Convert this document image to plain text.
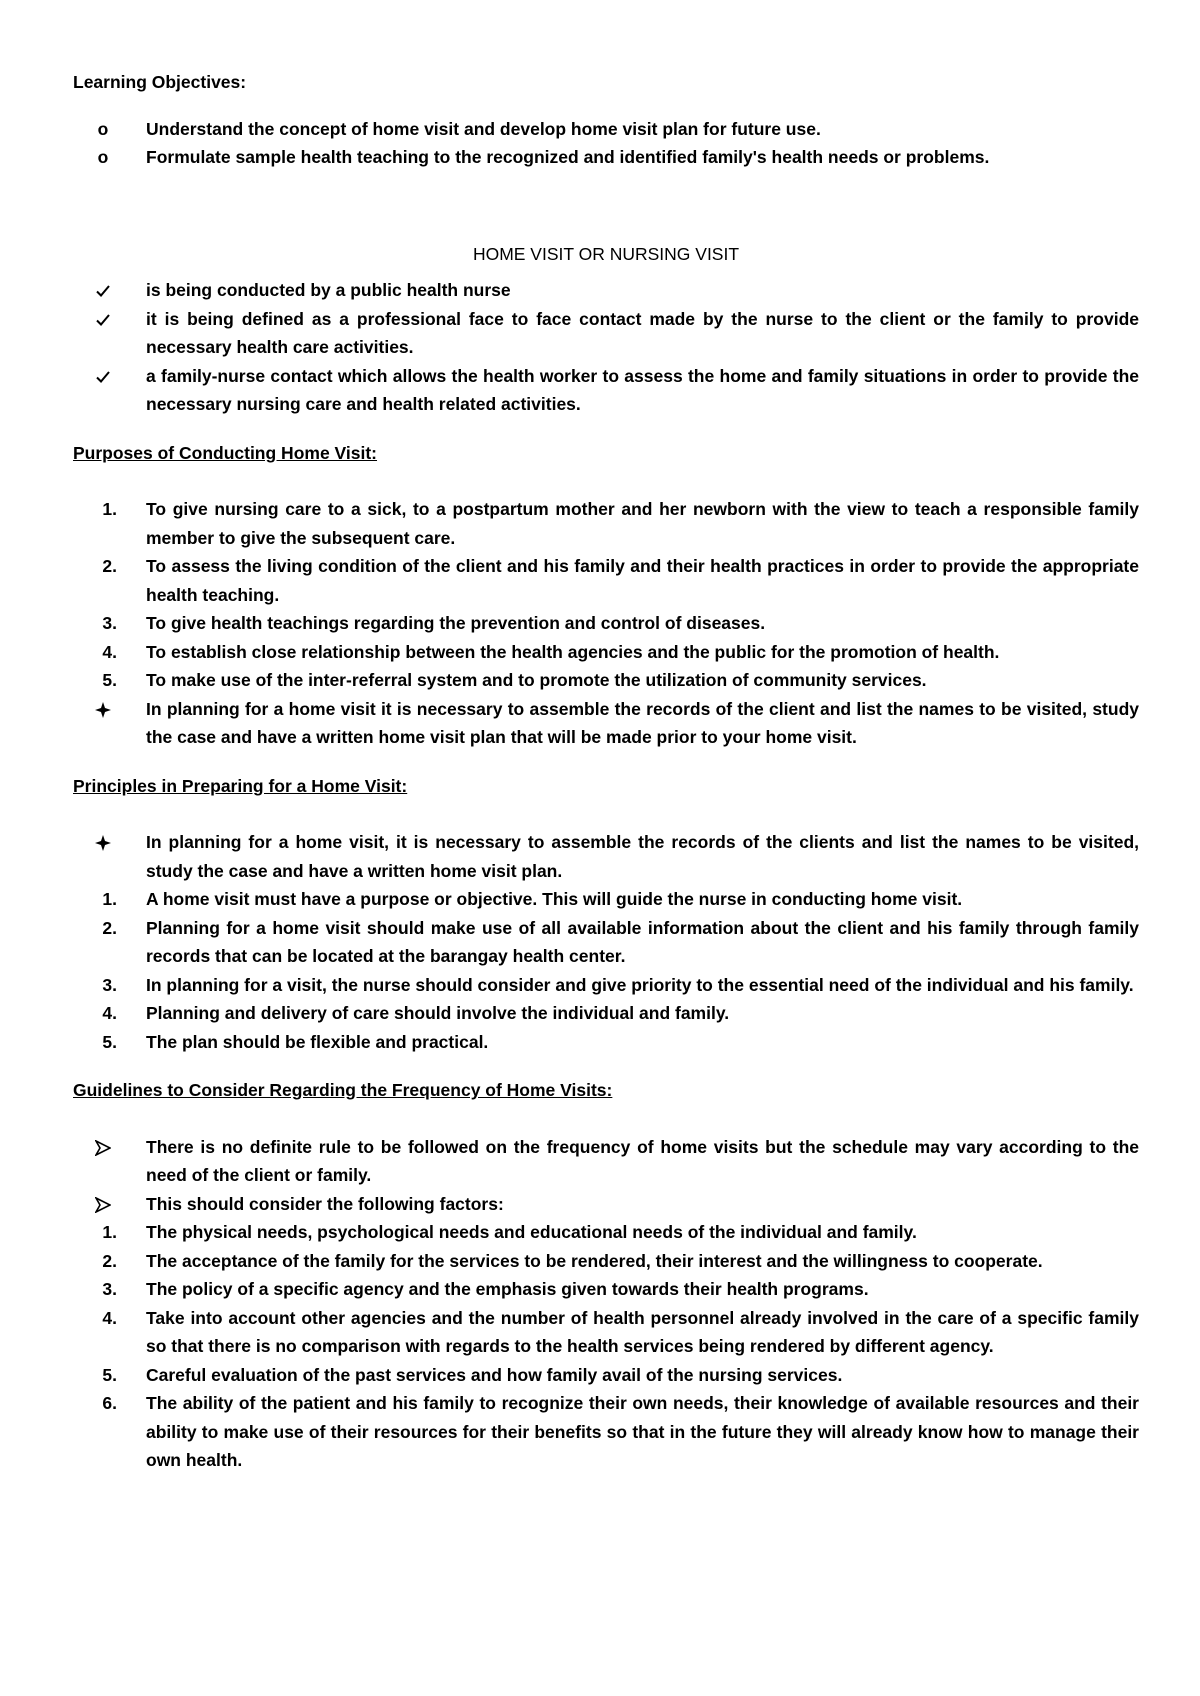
Learning Objectives:

o	Understand the concept of home visit and develop home visit plan for future use.
o	Formulate sample health teaching to the recognized and identified family's health needs or problems.

HOME VISIT OR NURSING VISIT

is being conducted by a public health nurse
it is being defined as a professional face to face contact made by the nurse to the client or the family to provide necessary health care activities.
a family-nurse contact which allows the health worker to assess the home and family situations in order to provide the necessary nursing care and health related activities.

Purposes of Conducting Home Visit:

1. To give nursing care to a sick, to a postpartum mother and her newborn with the view to teach a responsible family member to give the subsequent care.
2. To assess the living condition of the client and his family and their health practices in order to provide the appropriate health teaching.
3. To give health teachings regarding the prevention and control of diseases.
4. To establish close relationship between the health agencies and the public for the promotion of health.
5. To make use of the inter-referral system and to promote the utilization of community services.
In planning for a home visit it is necessary to assemble the records of the client and list the names to be visited, study the case and have a written home visit plan that will be made prior to your home visit.

Principles in Preparing for a Home Visit:

In planning for a home visit, it is necessary to assemble the records of the clients and list the names to be visited, study the case and have a written home visit plan.
1. A home visit must have a purpose or objective. This will guide the nurse in conducting home visit.
2. Planning for a home visit should make use of all available information about the client and his family through family records that can be located at the barangay health center.
3. In planning for a visit, the nurse should consider and give priority to the essential need of the individual and his family.
4. Planning and delivery of care should involve the individual and family.
5. The plan should be flexible and practical.

Guidelines to Consider Regarding the Frequency of Home Visits:

There is no definite rule to be followed on the frequency of home visits but the schedule may vary according to the need of the client or family.
This should consider the following factors:
1. The physical needs, psychological needs and educational needs of the individual and family.
2. The acceptance of the family for the services to be rendered, their interest and the willingness to cooperate.
3. The policy of a specific agency and the emphasis given towards their health programs.
4. Take into account other agencies and the number of health personnel already involved in the care of a specific family so that there is no comparison with regards to the health services being rendered by different agency.
5. Careful evaluation of the past services and how family avail of the nursing services.
6. The ability of the patient and his family to recognize their own needs, their knowledge of available resources and their ability to make use of their resources for their benefits so that in the future they will already know how to manage their own health.
